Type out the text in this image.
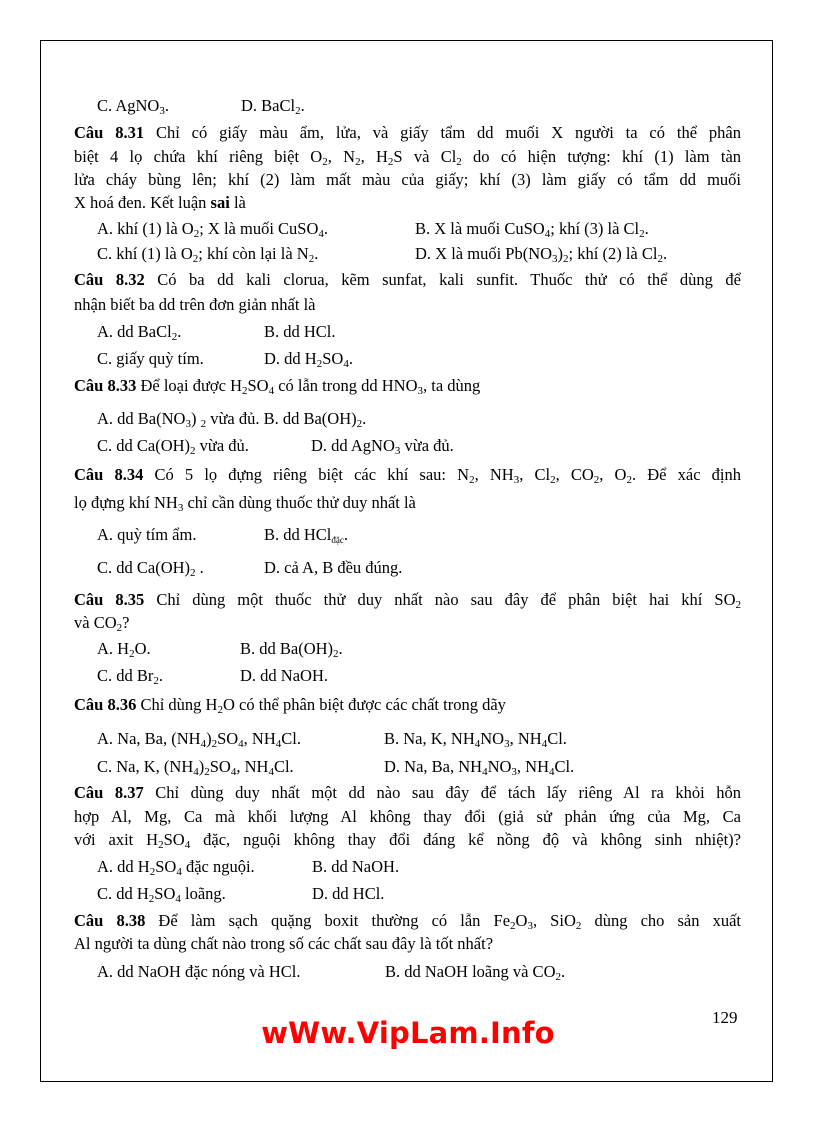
C. AgNO$_3$.	D. BaCl$_2$.
Câu 8.31 Chỉ có giấy màu ẩm, lửa, và giấy tẩm dd muối X người ta có thể phân
biệt 4 lọ chứa khí riêng biệt $O_2$, $N_2$, $H_2S$ và $Cl_2$ do có hiện tượng: khí (1) làm tàn
lửa cháy bùng lên; khí (2) làm mất màu của giấy; khí (3) làm giấy có tẩm dd muối
X hoá đen. Kết luận sai là
A. khí (1) là $O_2$; X là muối CuSO$_4$.	B. X là muối CuSO$_4$; khí (3) là $Cl_2$.
C. khí (1) là $O_2$; khí còn lại là $N_2$.	D. X là muối $Pb(NO_3)_2$; khí (2) là $Cl_2$.
Câu 8.32 Có ba dd kali clorua, kẽm sunfat, kali sunfit. Thuốc thử có thể dùng để
nhận biết ba dd trên đơn giản nhất là
A. dd BaCl$_2$.	B. dd HCl.
C. giấy quỳ tím.	D. dd $H_2SO_4$.
Câu 8.33 Để loại được $H_2SO_4$ có lẫn trong dd $HNO_3$, ta dùng
A. dd $Ba(NO_3)$ $_2$ vừa đủ. B. dd $Ba(OH)_2$.
C. dd $Ca(OH)_2$ vừa đủ.	D. dd AgNO$_3$ vừa đủ.
Câu 8.34 Có 5 lọ đựng riêng biệt các khí sau: $N_2$, $NH_3$, $Cl_2$, $CO_2$, $O_2$. Để xác định
lọ đựng khí $NH_3$ chỉ cần dùng thuốc thử duy nhất là
A. quỳ tím ẩm.	B. dd HCl$_{đặc}$.
C. dd $Ca(OH)_2$ .	D. cả A, B đều đúng.
Câu 8.35 Chỉ dùng một thuốc thử duy nhất nào sau đây để phân biệt hai khí $SO_2$
và $CO_2$?
A. $H_2O$.	B. dd $Ba(OH)_2$.
C. dd $Br_2$.	D. dd NaOH.
Câu 8.36 Chỉ dùng $H_2O$ có thể phân biệt được các chất trong dãy
A. Na, Ba, $(NH_4)_2SO_4$, $NH_4Cl$.	B. Na, K, $NH_4NO_3$, $NH_4Cl$.
C. Na, K, $(NH_4)_2SO_4$, $NH_4Cl$.	D. Na, Ba, $NH_4NO_3$, $NH_4Cl$.
Câu 8.37 Chỉ dùng duy nhất một dd nào sau đây để tách lấy riêng Al ra khỏi hỗn
hợp Al, Mg, Ca mà khối lượng Al không thay đổi (giả sử phản ứng của Mg, Ca
với axit $H_2SO_4$ đặc, nguội không thay đổi đáng kể nồng độ và không sinh nhiệt)?
A. dd $H_2SO_4$ đặc nguội.	B. dd NaOH.
C. dd $H_2SO_4$ loãng.	D. dd HCl.
Câu 8.38 Để làm sạch quặng boxit thường có lẫn $Fe_2O_3$, SiO$_2$ dùng cho sản xuất
Al người ta dùng chất nào trong số các chất sau đây là tốt nhất?
A. dd NaOH đặc nóng và HCl.	B. dd NaOH loãng và $CO_2$.
129
wWw.VipLam.Info
